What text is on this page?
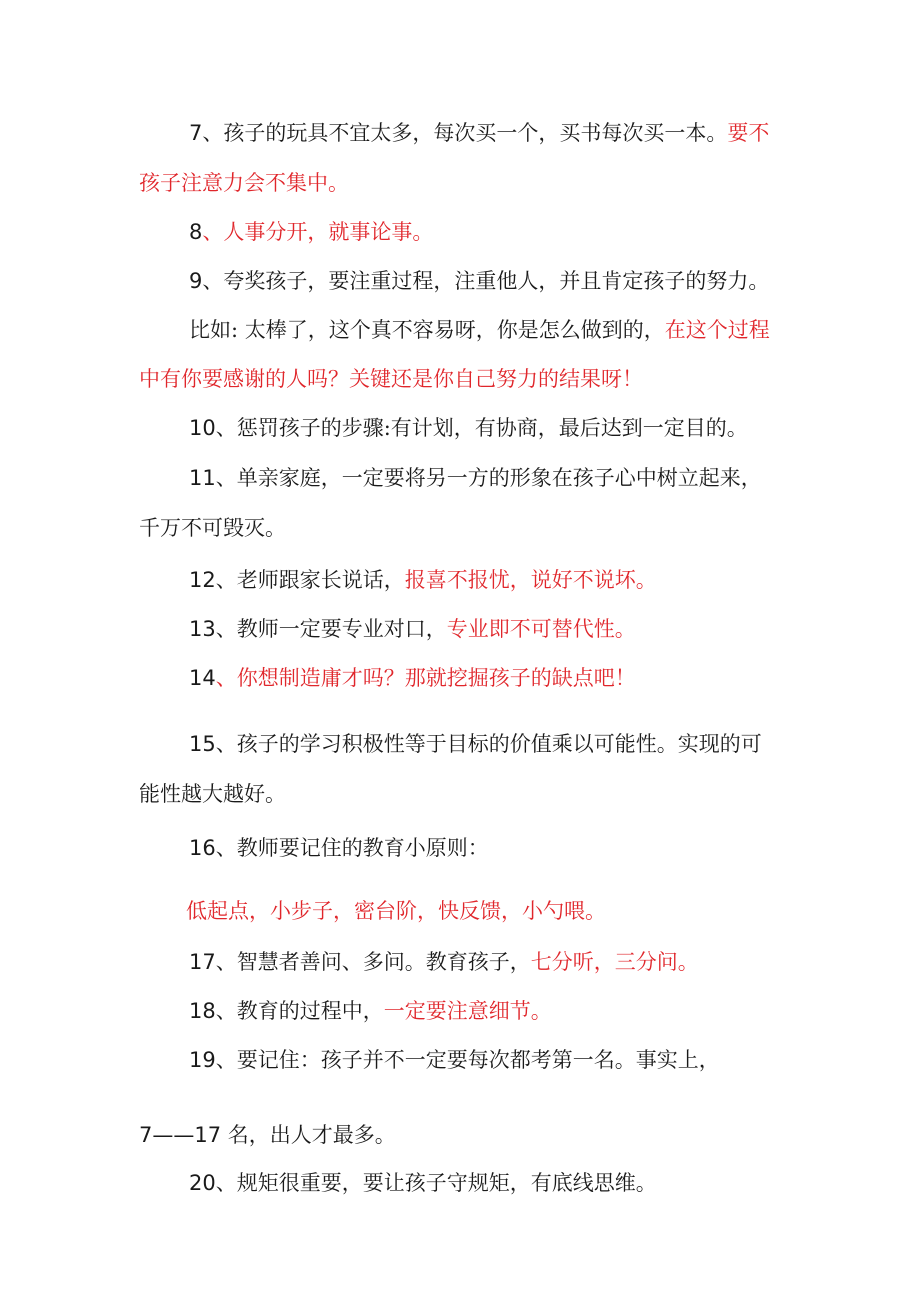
7、孩子的玩具不宜太多，每次买一个，买书每次买一本。要不
孩子注意力会不集中。
8、人事分开，就事论事。
9、夸奖孩子，要注重过程，注重他人，并且肯定孩子的努力。
比如: 太棒了，这个真不容易呀，你是怎么做到的，在这个过程
中有你要感谢的人吗？关键还是你自己努力的结果呀！
10、惩罚孩子的步骤:有计划，有协商，最后达到一定目的。
11、单亲家庭，一定要将另一方的形象在孩子心中树立起来，
千万不可毁灭。
12、老师跟家长说话，报喜不报忧，说好不说坏。
13、教师一定要专业对口，专业即不可替代性。
14、你想制造庸才吗？那就挖掘孩子的缺点吧！
15、孩子的学习积极性等于目标的价值乘以可能性。实现的可
能性越大越好。
16、教师要记住的教育小原则：
低起点，小步子，密台阶，快反馈，小勺喂。
17、智慧者善问、多问。教育孩子，七分听，三分问。
18、教育的过程中，一定要注意细节。
19、要记住：孩子并不一定要每次都考第一名。事实上，
7——17 名，出人才最多。
20、规矩很重要，要让孩子守规矩，有底线思维。
